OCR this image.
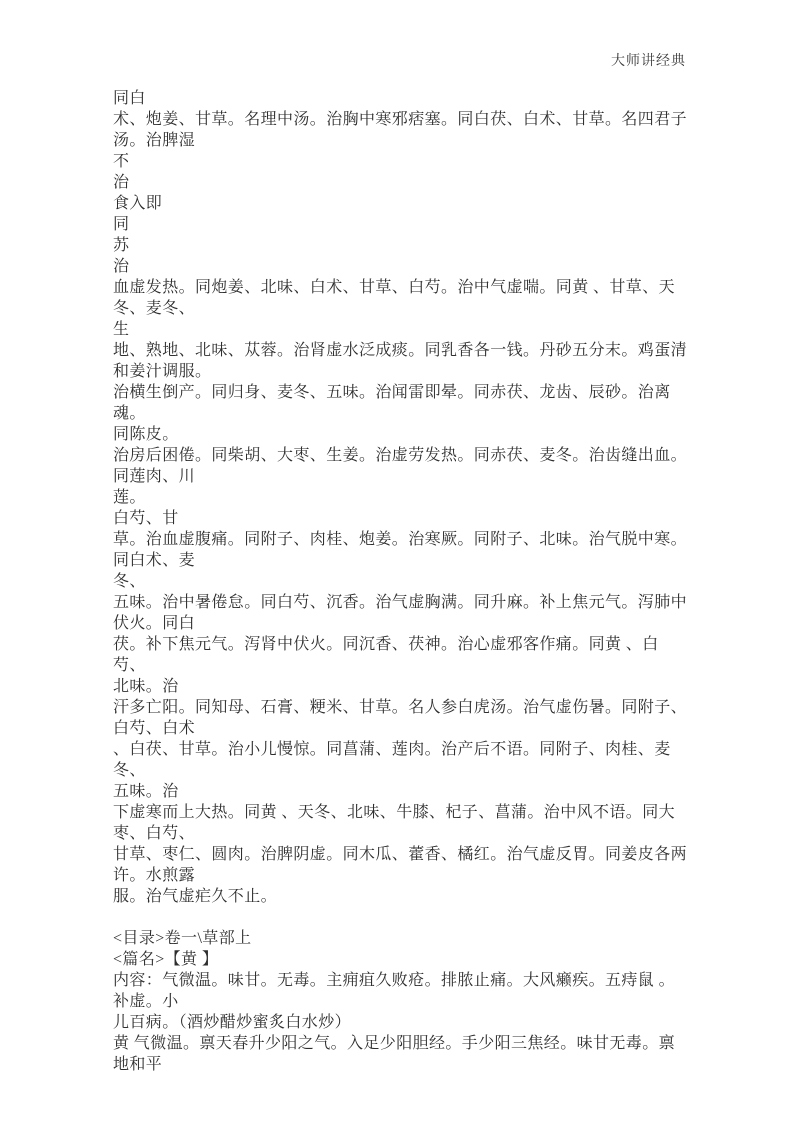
大师讲经典
同白
术、炮姜、甘草。名理中汤。治胸中寒邪痞塞。同白茯、白术、甘草。名四君子
汤。治脾湿
不
治
食入即
同
苏
治
血虚发热。同炮姜、北味、白术、甘草、白芍。治中气虚喘。同黄 、甘草、天
冬、麦冬、
生
地、熟地、北味、苁蓉。治肾虚水泛成痰。同乳香各一钱。丹砂五分末。鸡蛋清
和姜汁调服。
治横生倒产。同归身、麦冬、五味。治闻雷即晕。同赤茯、龙齿、辰砂。治离魂。
同陈皮。
治房后困倦。同柴胡、大枣、生姜。治虚劳发热。同赤茯、麦冬。治齿缝出血。
同莲肉、川
莲。
白芍、甘
草。治血虚腹痛。同附子、肉桂、炮姜。治寒厥。同附子、北味。治气脱中寒。
同白术、麦
冬、
五味。治中暑倦怠。同白芍、沉香。治气虚胸满。同升麻。补上焦元气。泻肺中
伏火。同白
茯。补下焦元气。泻肾中伏火。同沉香、茯神。治心虚邪客作痛。同黄 、白芍、
北味。治
汗多亡阳。同知母、石膏、粳米、甘草。名人参白虎汤。治气虚伤暑。同附子、
白芍、白术
、白茯、甘草。治小儿慢惊。同菖蒲、莲肉。治产后不语。同附子、肉桂、麦冬、
五味。治
下虚寒而上大热。同黄 、天冬、北味、牛膝、杞子、菖蒲。治中风不语。同大
枣、白芍、
甘草、枣仁、圆肉。治脾阴虚。同木瓜、藿香、橘红。治气虚反胃。同姜皮各两
许。水煎露
服。治气虚疟久不止。
<目录>卷一\草部上
<篇名>【黄 】
内容：气微温。味甘。无毒。主痈疽久败疮。排脓止痛。大风癞疾。五痔鼠 。
补虚。小
儿百病。（酒炒醋炒蜜炙白水炒）
黄 气微温。禀天春升少阳之气。入足少阳胆经。手少阳三焦经。味甘无毒。禀
地和平
